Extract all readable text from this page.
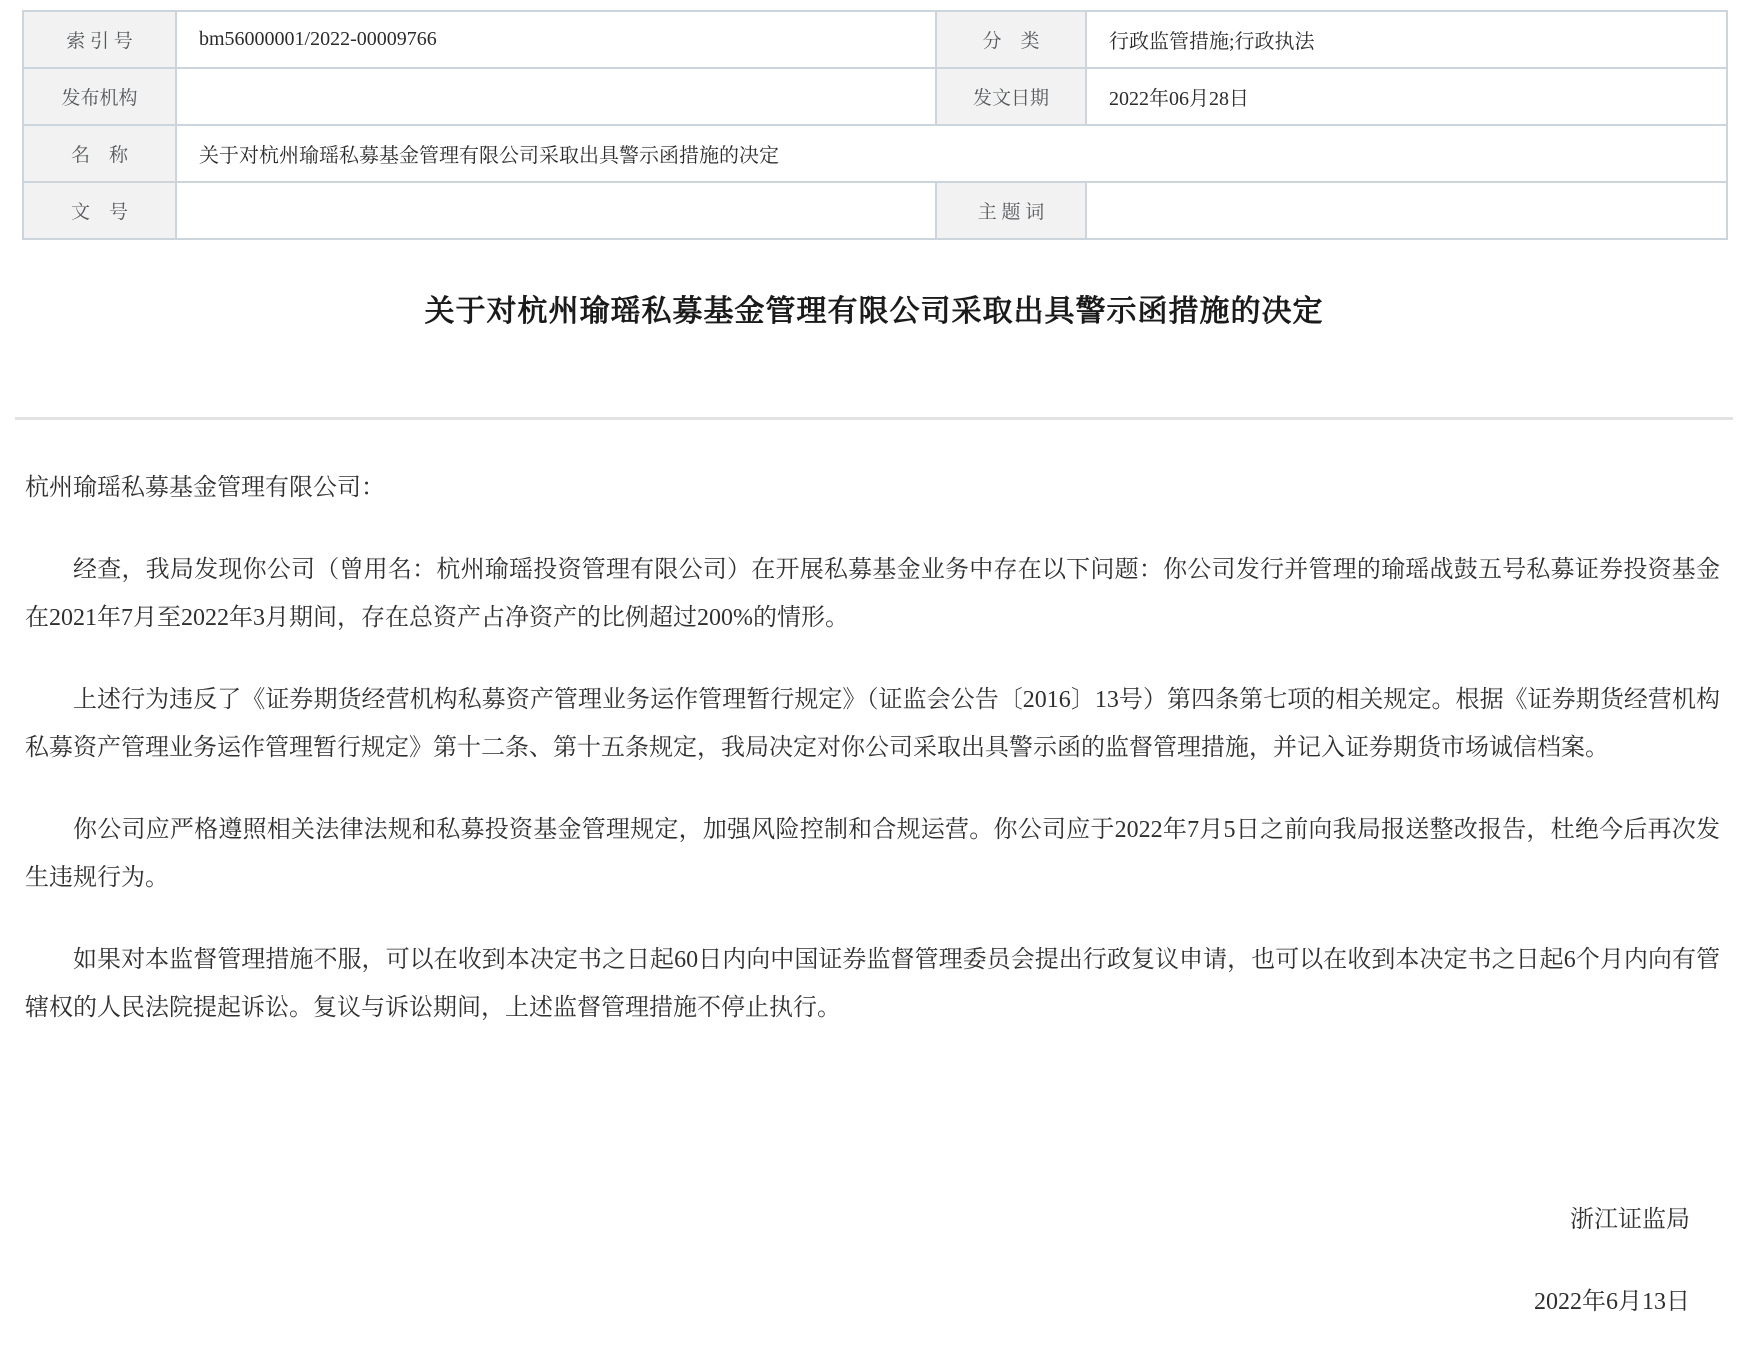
索 引 号	bm56000001/2022-00009766	分　类	行政监管措施;行政执法
发布机构		发文日期	2022年06月28日
名　称	关于对杭州瑜瑶私募基金管理有限公司采取出具警示函措施的决定		
文　号		主 题 词	
关于对杭州瑜瑶私募基金管理有限公司采取出具警示函措施的决定
杭州瑜瑶私募基金管理有限公司：

经查，我局发现你公司（曾用名：杭州瑜瑶投资管理有限公司）在开展私募基金业务中存在以下问题：你公司发行并管理的瑜瑶战鼓五号私募证券投资基金在2021年7月至2022年3月期间，存在总资产占净资产的比例超过200%的情形。

上述行为违反了《证券期货经营机构私募资产管理业务运作管理暂行规定》（证监会公告〔2016〕13号）第四条第七项的相关规定。根据《证券期货经营机构私募资产管理业务运作管理暂行规定》第十二条、第十五条规定，我局决定对你公司采取出具警示函的监督管理措施，并记入证券期货市场诚信档案。

你公司应严格遵照相关法律法规和私募投资基金管理规定，加强风险控制和合规运营。你公司应于2022年7月5日之前向我局报送整改报告，杜绝今后再次发生违规行为。

如果对本监督管理措施不服，可以在收到本决定书之日起60日内向中国证券监督管理委员会提出行政复议申请，也可以在收到本决定书之日起6个月内向有管辖权的人民法院提起诉讼。复议与诉讼期间，上述监督管理措施不停止执行。

浙江证监局
2022年6月13日
